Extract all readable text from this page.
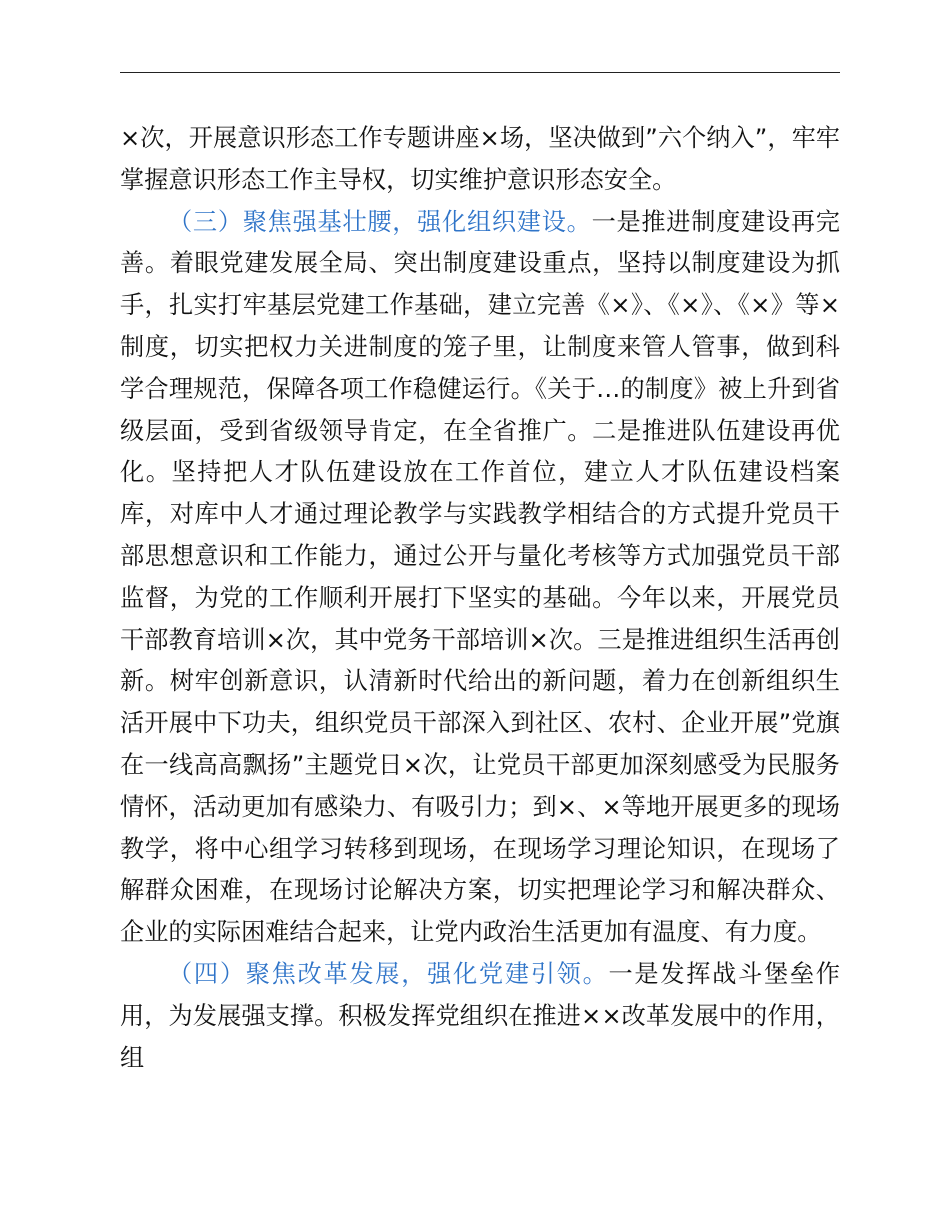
×次，开展意识形态工作专题讲座×场，坚决做到”六个纳入”，牢牢掌握意识形态工作主导权，切实维护意识形态安全。

（三）聚焦强基壮腰，强化组织建设。一是推进制度建设再完善。着眼党建发展全局、突出制度建设重点，坚持以制度建设为抓手，扎实打牢基层党建工作基础，建立完善《×》、《×》、《×》等×制度，切实把权力关进制度的笼子里，让制度来管人管事，做到科学合理规范，保障各项工作稳健运行。《关于…的制度》被上升到省级层面，受到省级领导肯定，在全省推广。二是推进队伍建设再优化。坚持把人才队伍建设放在工作首位，建立人才队伍建设档案库，对库中人才通过理论教学与实践教学相结合的方式提升党员干部思想意识和工作能力，通过公开与量化考核等方式加强党员干部监督，为党的工作顺利开展打下坚实的基础。今年以来，开展党员干部教育培训×次，其中党务干部培训×次。三是推进组织生活再创新。树牢创新意识，认清新时代给出的新问题，着力在创新组织生活开展中下功夫，组织党员干部深入到社区、农村、企业开展”党旗在一线高高飘扬”主题党日×次，让党员干部更加深刻感受为民服务情怀，活动更加有感染力、有吸引力；到×、×等地开展更多的现场教学，将中心组学习转移到现场，在现场学习理论知识，在现场了解群众困难，在现场讨论解决方案，切实把理论学习和解决群众、企业的实际困难结合起来，让党内政治生活更加有温度、有力度。

（四）聚焦改革发展，强化党建引领。一是发挥战斗堡垒作用，为发展强支撑。积极发挥党组织在推进××改革发展中的作用，组
